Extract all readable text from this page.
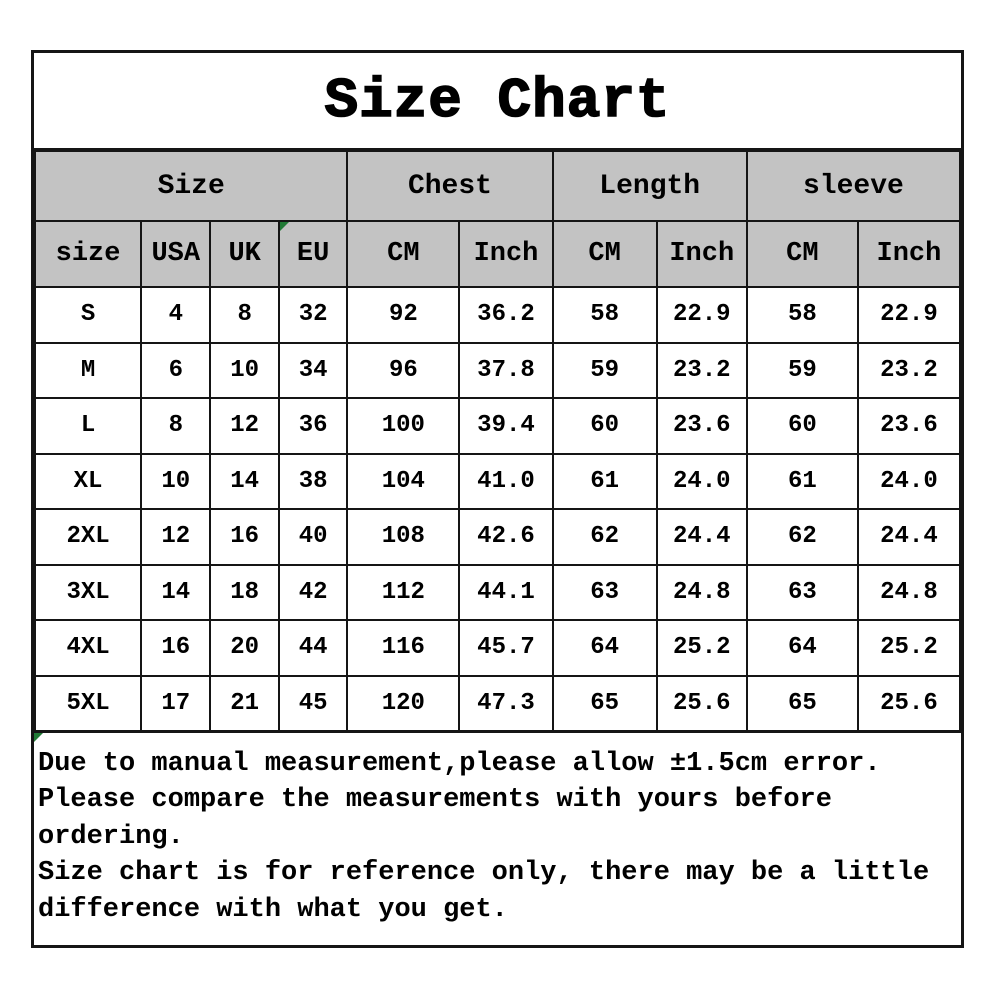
Size Chart
Size				Chest		Length		sleeve	
size	USA	UK	EU	CM	Inch	CM	Inch	CM	Inch
S	4	8	32	92	36.2	58	22.9	58	22.9
M	6	10	34	96	37.8	59	23.2	59	23.2
L	8	12	36	100	39.4	60	23.6	60	23.6
XL	10	14	38	104	41.0	61	24.0	61	24.0
2XL	12	16	40	108	42.6	62	24.4	62	24.4
3XL	14	18	42	112	44.1	63	24.8	63	24.8
4XL	16	20	44	116	45.7	64	25.2	64	25.2
5XL	17	21	45	120	47.3	65	25.6	65	25.6

Due to manual measurement,please allow ±1.5cm error.

Please compare the measurements with yours before

ordering.

Size chart is for reference only, there may be a little

difference with what you get.
